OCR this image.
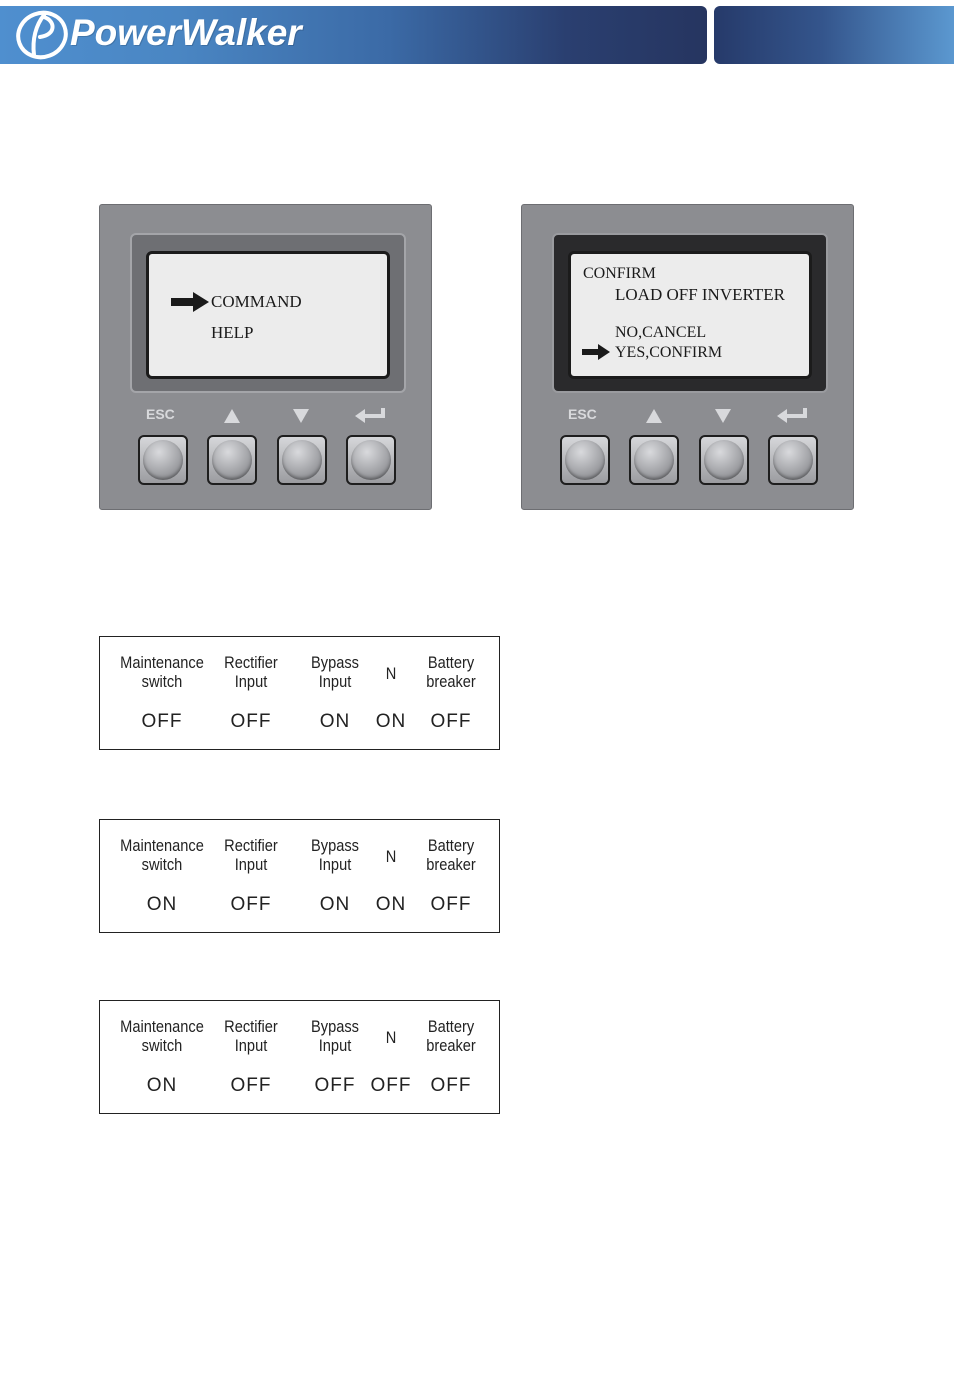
PowerWalker
COMMAND
HELP
ESC
CONFIRM
LOAD OFF INVERTER
NO,CANCEL
YES,CONFIRM
ESC
Maintenance
switch
OFF
Rectifier
Input
OFF
Bypass
Input
ON
N
ON
Battery
breaker
OFF
Maintenance
switch
ON
Rectifier
Input
OFF
Bypass
Input
ON
N
ON
Battery
breaker
OFF
Maintenance
switch
ON
Rectifier
Input
OFF
Bypass
Input
OFF
N
OFF
Battery
breaker
OFF
